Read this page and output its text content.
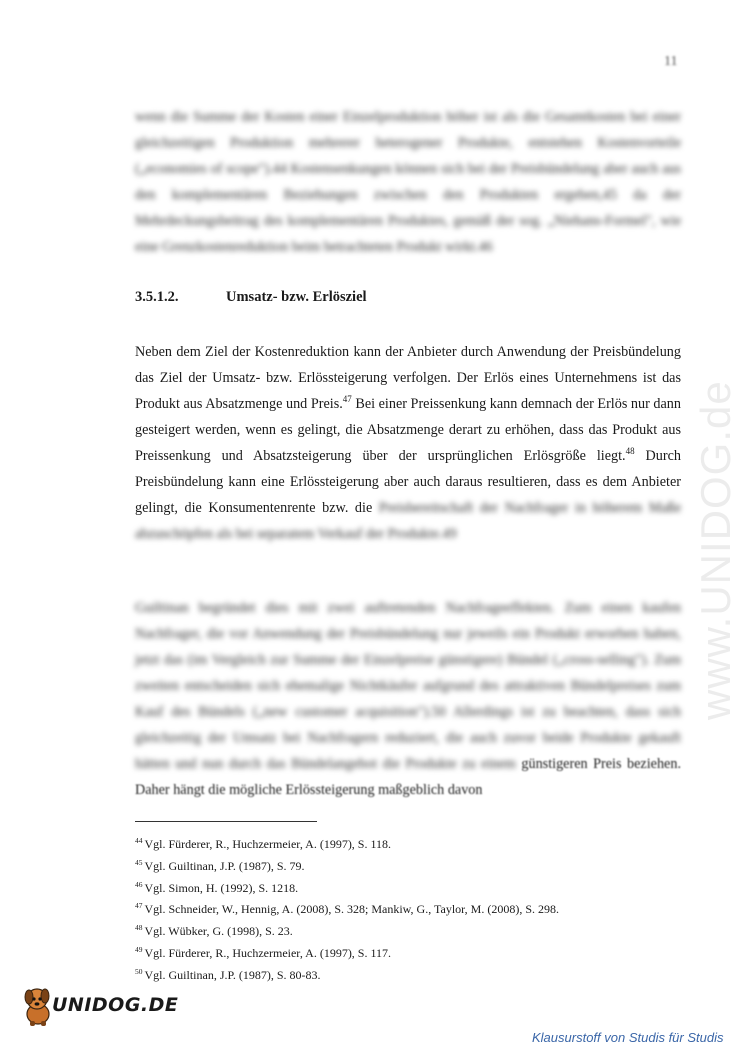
11

wenn die Summe der Kosten einer Einzelproduktion höher ist als die Gesamtkosten bei einer gleichzeitigen Produktion mehrerer heterogener Produkte, entstehen Kostenvorteile („economies of scope").44 Kostensenkungen können sich bei der Preisbündelung aber auch aus den komplementären Beziehungen zwischen den Produkten ergeben,45 da der Mehrdeckungsbeitrag des komplementären Produktes, gemäß der sog. „Niehans-Formel", wie eine Grenzkostenreduktion beim betrachteten Produkt wirkt.46

3.5.1.2.	Umsatz- bzw. Erlösziel

Neben dem Ziel der Kostenreduktion kann der Anbieter durch Anwendung der Preisbündelung das Ziel der Umsatz- bzw. Erlössteigerung verfolgen. Der Erlös eines Unternehmens ist das Produkt aus Absatzmenge und Preis.$^{47}$ Bei einer Preissenkung kann demnach der Erlös nur dann gesteigert werden, wenn es gelingt, die Absatzmenge derart zu erhöhen, dass das Produkt aus Preissenkung und Absatzsteigerung über der ursprünglichen Erlösgröße liegt.$^{48}$ Durch Preisbündelung kann eine Erlössteigerung aber auch daraus resultieren, dass es dem Anbieter gelingt, die Konsumentenrente bzw. die Preisbereitschaft der Nachfrager in höherem Maße abzuschöpfen als bei separatem Verkauf der Produkte.49

Guiltinan begründet dies mit zwei auftretenden Nachfrageeffekten. Zum einen kaufen Nachfrager, die vor Anwendung der Preisbündelung nur jeweils ein Produkt erworben haben, jetzt das (im Vergleich zur Summe der Einzelpreise günstigere) Bündel („cross-selling"). Zum zweiten entscheiden sich ehemalige Nichtkäufer aufgrund des attraktiven Bündelpreises zum Kauf des Bündels („new customer acquisition").50 Allerdings ist zu beachten, dass sich gleichzeitig der Umsatz bei Nachfragern reduziert, die auch zuvor beide Produkte gekauft hätten und nun durch das Bündelangebot die Produkte zu einem günstigeren Preis beziehen. Daher hängt die mögliche Erlössteigerung maßgeblich davon

$^{44}$ Vgl. Fürderer, R., Huchzermeier, A. (1997), S. 118.
$^{45}$ Vgl. Guiltinan, J.P. (1987), S. 79.
$^{46}$ Vgl. Simon, H. (1992), S. 1218.
$^{47}$ Vgl. Schneider, W., Hennig, A. (2008), S. 328; Mankiw, G., Taylor, M. (2008), S. 298.
$^{48}$ Vgl. Wübker, G. (1998), S. 23.
$^{49}$ Vgl. Fürderer, R., Huchzermeier, A. (1997), S. 117.
$^{50}$ Vgl. Guiltinan, J.P. (1987), S. 80-83.
www.UNIDOG.de
UNIDOG.DE
Klausurstoff von Studis für Studis
